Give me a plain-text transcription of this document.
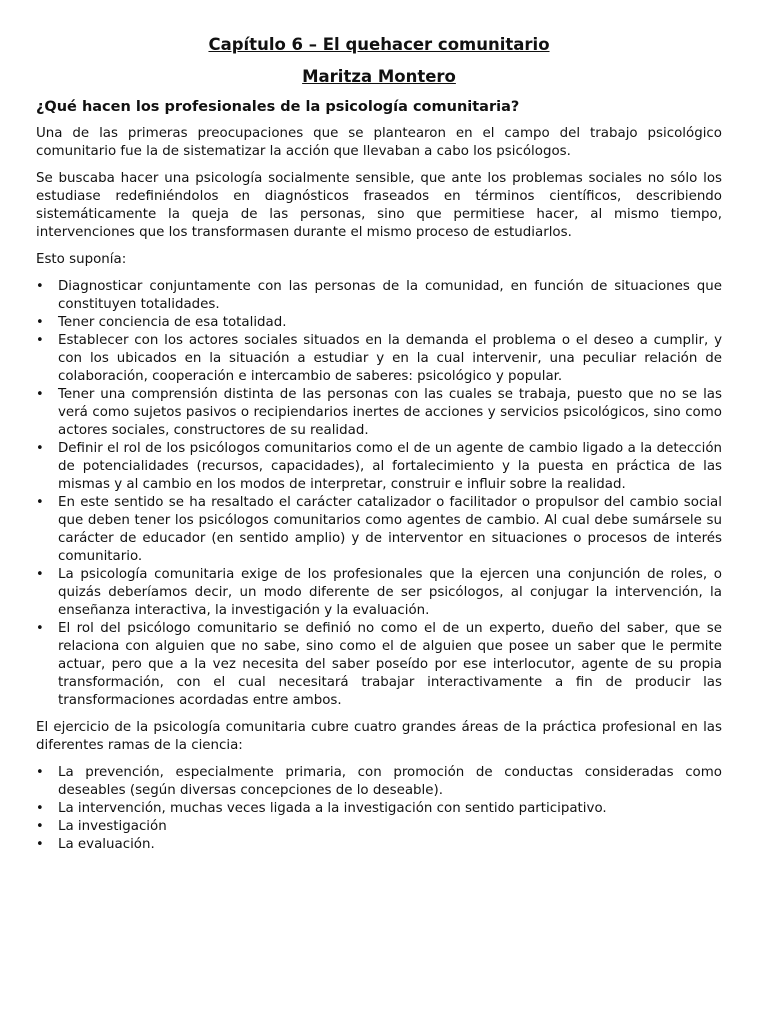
Capítulo 6 – El quehacer comunitario
Maritza Montero
¿Qué hacen los profesionales de la psicología comunitaria?

Una de las primeras preocupaciones que se plantearon en el campo del trabajo psicológico comunitario fue la de sistematizar la acción que llevaban a cabo los psicólogos.

Se buscaba hacer una psicología socialmente sensible, que ante los problemas sociales no sólo los estudiase redefiniéndolos en diagnósticos fraseados en términos científicos, describiendo sistemáticamente la queja de las personas, sino que permitiese hacer, al mismo tiempo, intervenciones que los transformasen durante el mismo proceso de estudiarlos.

Esto suponía:

• Diagnosticar conjuntamente con las personas de la comunidad, en función de situaciones que constituyen totalidades.
• Tener conciencia de esa totalidad.
• Establecer con los actores sociales situados en la demanda el problema o el deseo a cumplir, y con los ubicados en la situación a estudiar y en la cual intervenir, una peculiar relación de colaboración, cooperación e intercambio de saberes: psicológico y popular.
• Tener una comprensión distinta de las personas con las cuales se trabaja, puesto que no se las verá como sujetos pasivos o recipiendarios inertes de acciones y servicios psicológicos, sino como actores sociales, constructores de su realidad.
• Definir el rol de los psicólogos comunitarios como el de un agente de cambio ligado a la detección de potencialidades (recursos, capacidades), al fortalecimiento y la puesta en práctica de las mismas y al cambio en los modos de interpretar, construir e influir sobre la realidad.
• En este sentido se ha resaltado el carácter catalizador o facilitador o propulsor del cambio social que deben tener los psicólogos comunitarios como agentes de cambio. Al cual debe sumársele su carácter de educador (en sentido amplio) y de interventor en situaciones o procesos de interés comunitario.
• La psicología comunitaria exige de los profesionales que la ejercen una conjunción de roles, o quizás deberíamos decir, un modo diferente de ser psicólogos, al conjugar la intervención, la enseñanza interactiva, la investigación y la evaluación.
• El rol del psicólogo comunitario se definió no como el de un experto, dueño del saber, que se relaciona con alguien que no sabe, sino como el de alguien que posee un saber que le permite actuar, pero que a la vez necesita del saber poseído por ese interlocutor, agente de su propia transformación, con el cual necesitará trabajar interactivamente a fin de producir las transformaciones acordadas entre ambos.

El ejercicio de la psicología comunitaria cubre cuatro grandes áreas de la práctica profesional en las diferentes ramas de la ciencia:

• La prevención, especialmente primaria, con promoción de conductas consideradas como deseables (según diversas concepciones de lo deseable).
• La intervención, muchas veces ligada a la investigación con sentido participativo.
• La investigación
• La evaluación.
